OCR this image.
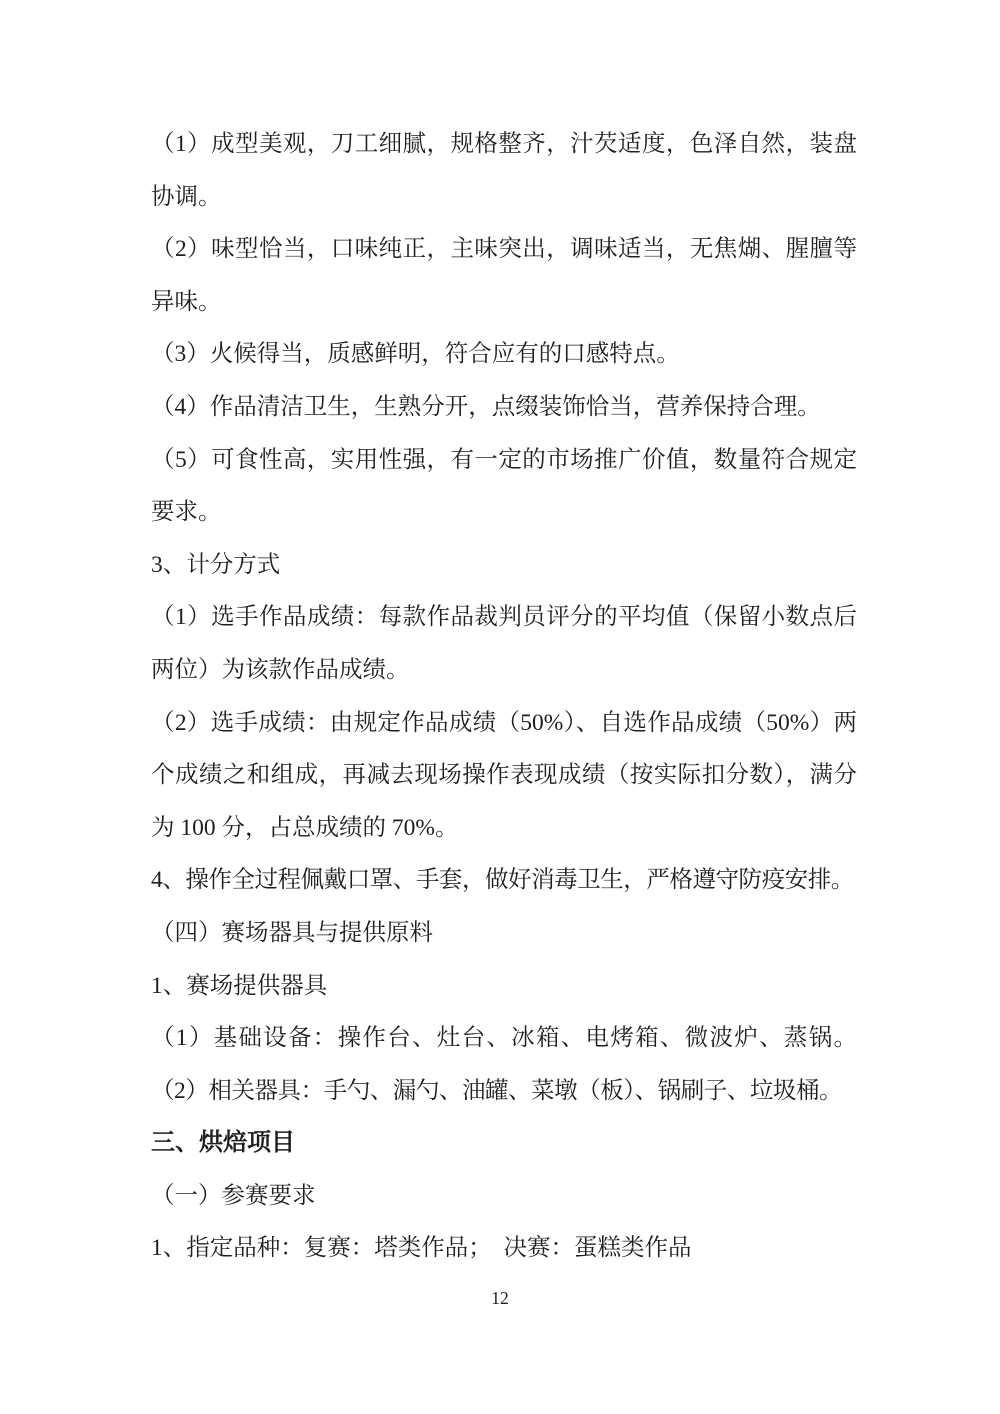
（1）成型美观，刀工细腻，规格整齐，汁芡适度，色泽自然，装盘
协调。
（2）味型恰当，口味纯正，主味突出，调味适当，无焦煳、腥膻等
异味。
（3）火候得当，质感鲜明，符合应有的口感特点。
（4）作品清洁卫生，生熟分开，点缀装饰恰当，营养保持合理。
（5）可食性高，实用性强，有一定的市场推广价值，数量符合规定
要求。
3、计分方式
（1）选手作品成绩：每款作品裁判员评分的平均值（保留小数点后
两位）为该款作品成绩。
（2）选手成绩：由规定作品成绩（50%）、自选作品成绩（50%）两
个成绩之和组成，再减去现场操作表现成绩（按实际扣分数），满分
为 100 分，占总成绩的 70%。
4、操作全过程佩戴口罩、手套，做好消毒卫生，严格遵守防疫安排。
（四）赛场器具与提供原料
1、赛场提供器具
（1）基础设备：操作台、灶台、冰箱、电烤箱、微波炉、蒸锅。
（2）相关器具：手勺、漏勺、油罐、菜墩（板）、锅刷子、垃圾桶。
三、烘焙项目
（一）参赛要求
1、指定品种：复赛：塔类作品；　决赛：蛋糕类作品
12
